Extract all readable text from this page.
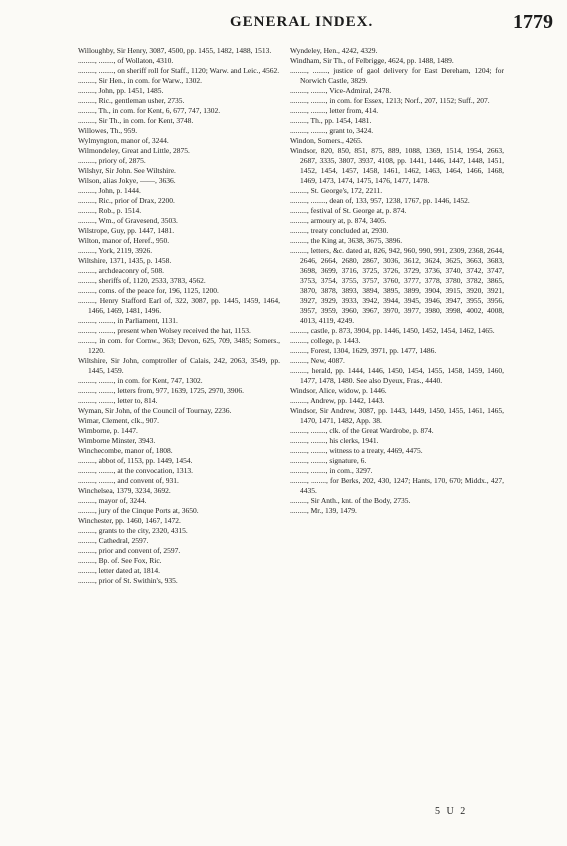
GENERAL INDEX.	1779

Willoughby, Sir Henry, 3087, 4500, pp. 1455, 1482, 1488, 1513.

........., ........, of Wollaton, 4310.

........., ........, on sheriff roll for Staff., 1120; Warw. and Leic., 4562.

........., Sir Hen., in com. for Warw., 1302.

........., John, pp. 1451, 1485.

........., Ric., gentleman usher, 2735.

........., Th., in com. for Kent, 6, 677, 747, 1302.

........., Sir Th., in com. for Kent, 3748.

Willowes, Th., 959.

Wylmyngton, manor of, 3244.

Wilmondeley, Great and Little, 2875.

........., priory of, 2875.

Wilshyr, Sir John. See Wiltshire.

Wilson, alias Jokye, ——, 3636.

........., John, p. 1444.

........., Ric., prior of Drax, 2200.

........., Rob., p. 1514.

........., Wm., of Gravesend, 3503.

Wilstrope, Guy, pp. 1447, 1481.

Wilton, manor of, Heref., 950.

........., York, 2119, 3926.

Wiltshire, 1371, 1435, p. 1458.

........., archdeaconry of, 508.

........., sheriffs of, 1120, 2533, 3783, 4562.

........., coms. of the peace for, 196, 1125, 1200.

........., Henry Stafford Earl of, 322, 3087, pp. 1445, 1459, 1464, 1466, 1469, 1481, 1496.

........., ........, in Parliament, 1131.

........., ........, present when Wolsey received the hat, 1153.

........., in com. for Cornw., 363; Devon, 625, 709, 3485; Somers., 1220.

Wiltshire, Sir John, comptroller of Calais, 242, 2063, 3549, pp. 1445, 1459.

........., ........, in com. for Kent, 747, 1302.

........., ........, letters from, 977, 1639, 1725, 2970, 3906.

........., ........, letter to, 814.

Wyman, Sir John, of the Council of Tournay, 2236.

Wimar, Clement, clk., 907.

Wimborne, p. 1447.

Wimborne Minster, 3943.

Winchecombe, manor of, 1808.

........., abbot of, 1153, pp. 1449, 1454.

........., ........, at the convocation, 1313.

........., ........, and convent of, 931.

Winchelsea, 1379, 3234, 3692.

........., mayor of, 3244.

........., jury of the Cinque Ports at, 3650.

Winchester, pp. 1460, 1467, 1472.

........., grants to the city, 2320, 4315.

........., Cathedral, 2597.

........., prior and convent of, 2597.

........., Bp. of. See Fox, Ric.

........., letter dated at, 1814.

........., prior of St. Swithin's, 935.

Wyndeley, Hen., 4242, 4329.

Windham, Sir Th., of Felbrigge, 4624, pp. 1488, 1489.

........., ........, justice of gaol delivery for East Dereham, 1204; for Norwich Castle, 3829.

........., ........, Vice-Admiral, 2478.

........., ........, in com. for Essex, 1213; Norf., 207, 1152; Suff., 207.

........., ........, letter from, 414.

........., Th., pp. 1454, 1481.

........., ........, grant to, 3424.

Windon, Somers., 4265.

Windsor, 820, 850, 851, 875, 889, 1088, 1369, 1514, 1954, 2663, 2687, 3335, 3807, 3937, 4108, pp. 1441, 1446, 1447, 1448, 1451, 1452, 1454, 1457, 1458, 1461, 1462, 1463, 1464, 1466, 1468, 1469, 1473, 1474, 1475, 1476, 1477, 1478.

........., St. George's, 172, 2211.

........., ........, dean of, 133, 957, 1238, 1767, pp. 1446, 1452.

........., festival of St. George at, p. 874.

........., armoury at, p. 874, 3405.

........., treaty concluded at, 2930.

........., the King at, 3638, 3675, 3896.

........., letters, &c. dated at, 826, 942, 960, 990, 991, 2309, 2368, 2644, 2646, 2664, 2680, 2867, 3036, 3612, 3624, 3625, 3663, 3683, 3698, 3699, 3716, 3725, 3726, 3729, 3736, 3740, 3742, 3747, 3753, 3754, 3755, 3757, 3760, 3777, 3778, 3780, 3782, 3865, 3870, 3878, 3893, 3894, 3895, 3899, 3904, 3915, 3920, 3921, 3927, 3929, 3933, 3942, 3944, 3945, 3946, 3947, 3955, 3956, 3957, 3959, 3960, 3967, 3970, 3977, 3980, 3998, 4002, 4008, 4013, 4119, 4249.

........., castle, p. 873, 3904, pp. 1446, 1450, 1452, 1454, 1462, 1465.

........., college, p. 1443.

........., Forest, 1304, 1629, 3971, pp. 1477, 1486.

........., New, 4087.

........., herald, pp. 1444, 1446, 1450, 1454, 1455, 1458, 1459, 1460, 1477, 1478, 1480. See also Dyeux, Fras., 4440.

Windsor, Alice, widow, p. 1446.

........., Andrew, pp. 1442, 1443.

Windsor, Sir Andrew, 3087, pp. 1443, 1449, 1450, 1455, 1461, 1465, 1470, 1471, 1482, App. 38.

........., ........, clk. of the Great Wardrobe, p. 874.

........., ........, his clerks, 1941.

........., ........, witness to a treaty, 4469, 4475.

........., ........, signature, 6.

........., ........, in com., 3297.

........., ........, for Berks, 202, 430, 1247; Hants, 170, 670; Middx., 427, 4435.

........., Sir Anth., knt. of the Body, 2735.

........., Mr., 139, 1479.

5 U 2
